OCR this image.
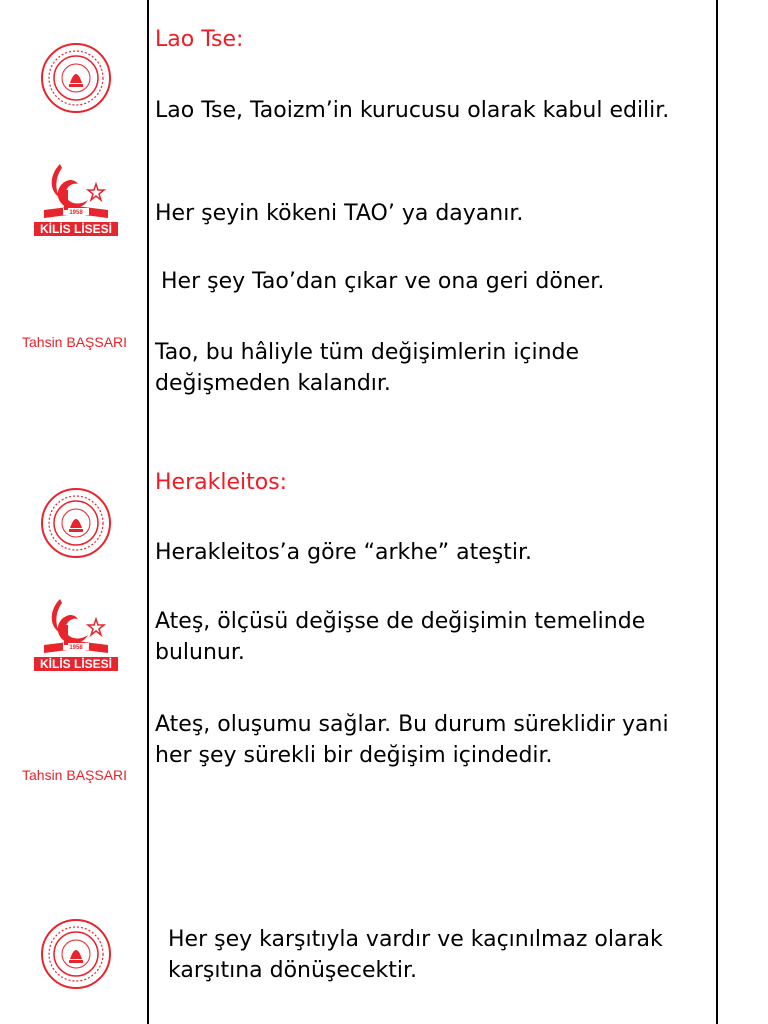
Tahsin BAŞSARI
Tahsin BAŞSARI
Lao Tse:

Lao Tse, Taoizm’in kurucusu olarak kabul edilir.

Her şeyin kökeni TAO’ ya dayanır.

Her şey Tao’dan çıkar ve ona geri döner.

Tao, bu hâliyle tüm değişimlerin içinde değişmeden kalandır.

Herakleitos:

Herakleitos’a göre “arkhe” ateştir.

Ateş, ölçüsü değişse de değişimin temelinde bulunur.

Ateş, oluşumu sağlar. Bu durum süreklidir yani her şey sürekli bir değişim içindedir.

Her şey karşıtıyla vardır ve kaçınılmaz olarak karşıtına dönüşecektir.
